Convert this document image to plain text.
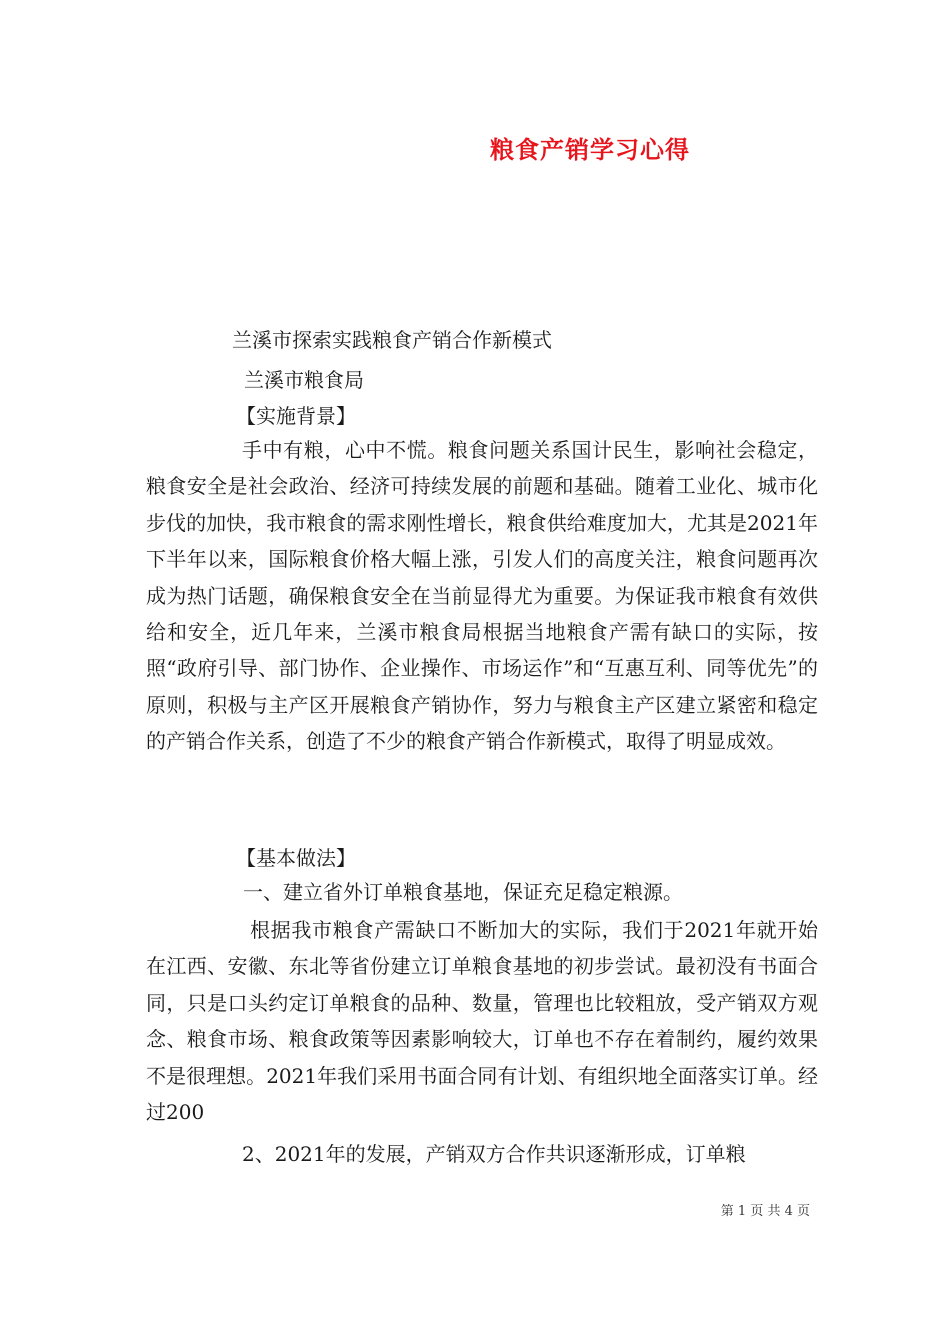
粮食产销学习心得
兰溪市探索实践粮食产销合作新模式
兰溪市粮食局
【实施背景】

手中有粮，心中不慌。粮食问题关系国计民生，影响社会稳定，粮食安全是社会政治、经济可持续发展的前题和基础。随着工业化、城市化步伐的加快，我市粮食的需求刚性增长，粮食供给难度加大，尤其是2021年下半年以来，国际粮食价格大幅上涨，引发人们的高度关注，粮食问题再次成为热门话题，确保粮食安全在当前显得尤为重要。为保证我市粮食有效供给和安全，近几年来，兰溪市粮食局根据当地粮食产需有缺口的实际，按照“政府引导、部门协作、企业操作、市场运作”和“互惠互利、同等优先”的原则，积极与主产区开展粮食产销协作，努力与粮食主产区建立紧密和稳定的产销合作关系，创造了不少的粮食产销合作新模式，取得了明显成效。

【基本做法】
一、建立省外订单粮食基地，保证充足稳定粮源。

根据我市粮食产需缺口不断加大的实际，我们于2021年就开始在江西、安徽、东北等省份建立订单粮食基地的初步尝试。最初没有书面合同，只是口头约定订单粮食的品种、数量，管理也比较粗放，受产销双方观念、粮食市场、粮食政策等因素影响较大，订单也不存在着制约，履约效果不是很理想。2021年我们采用书面合同有计划、有组织地全面落实订单。经过200

2、2021年的发展，产销双方合作共识逐渐形成，订单粮

第 1 页 共 4 页
